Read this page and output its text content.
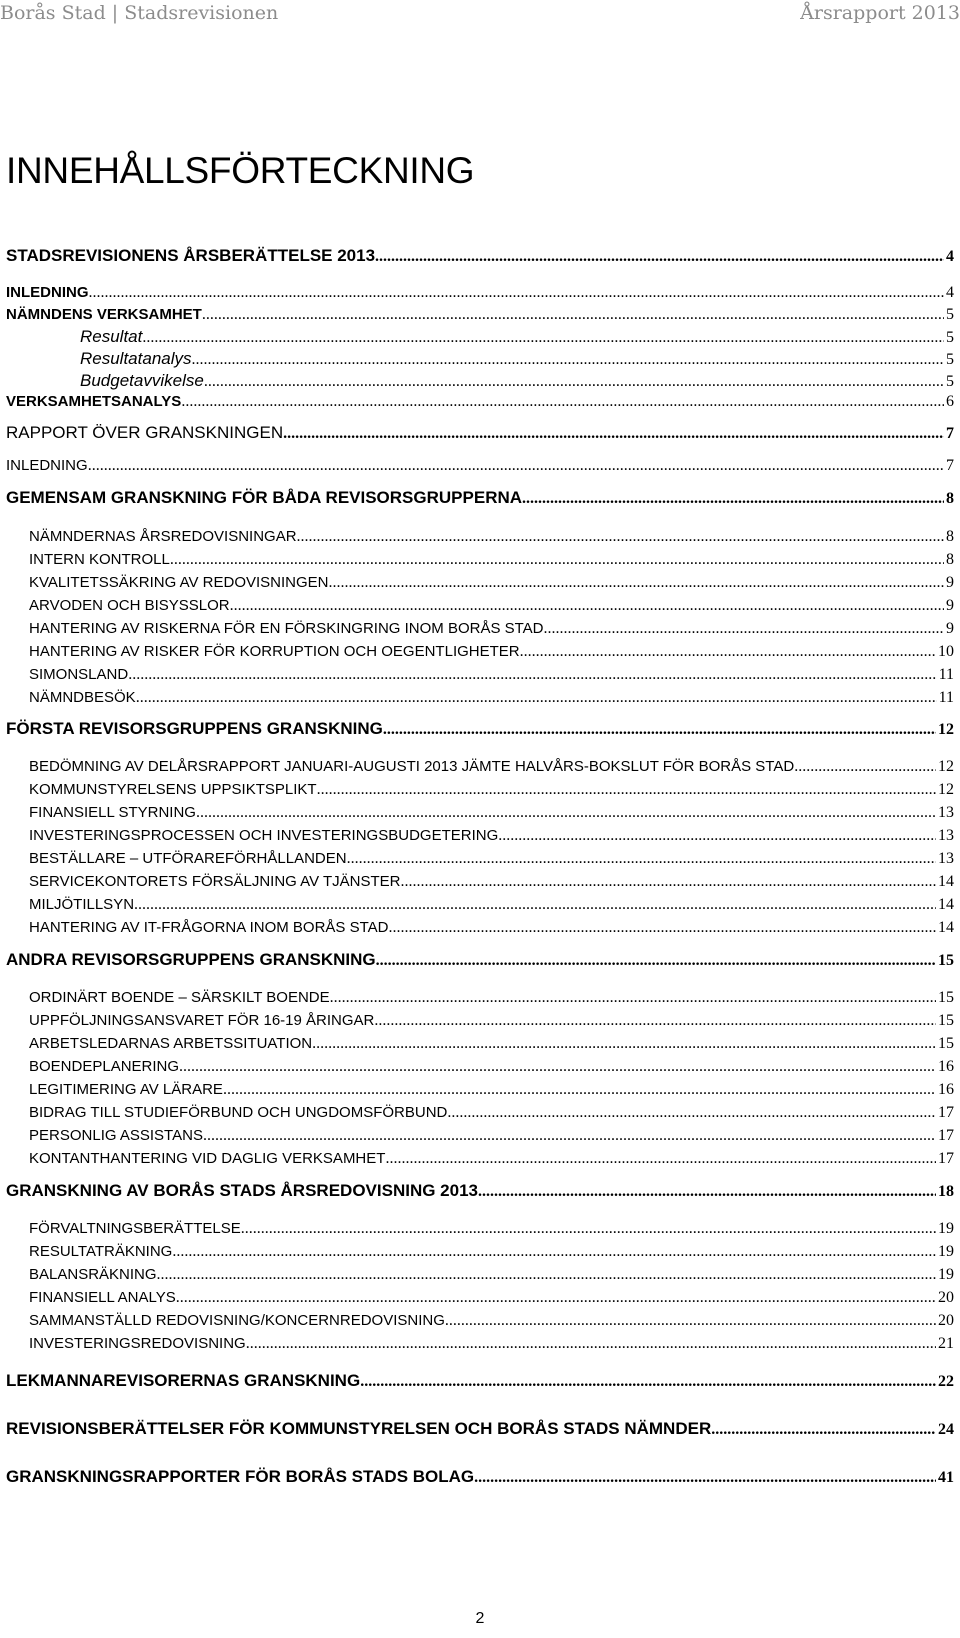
Borås Stad | Stadsrevisionen	Årsrapport 2013
INNEHÅLLSFÖRTECKNING
STADSREVISIONENS ÅRSBERÄTTELSE 2013 .....	4
INLEDNING .....	4
NÄMNDENS VERKSAMHET .....	5
Resultat .....	5
Resultatanalys .....	5
Budgetavvikelse .....	5
VERKSAMHETSANALYS .....	6
RAPPORT ÖVER GRANSKNINGEN .....	7
INLEDNING .....	7
GEMENSAM GRANSKNING FÖR BÅDA REVISORSGRUPPERNA .....	8
NÄMNDERNAS ÅRSREDOVISNINGAR .....	8
INTERN KONTROLL .....	8
KVALITETSSÄKRING AV REDOVISNINGEN .....	9
ARVODEN OCH BISYSSLOR .....	9
HANTERING AV RISKERNA FÖR EN FÖRSKINGRING INOM BORÅS STAD .....	9
HANTERING AV RISKER FÖR KORRUPTION OCH OEGENTLIGHETER .....	10
SIMONSLAND .....	11
NÄMNDBESÖK .....	11
FÖRSTA REVISORSGRUPPENS GRANSKNING .....	12
BEDÖMNING AV DELÅRSRAPPORT JANUARI-AUGUSTI 2013 JÄMTE HALVÅRS-BOKSLUT FÖR BORÅS STAD .....	12
KOMMUNSTYRELSENS UPPSIKTSPLIKT .....	12
FINANSIELL STYRNING .....	13
INVESTERINGSPROCESSEN OCH INVESTERINGSBUDGETERING .....	13
BESTÄLLARE – UTFÖRAREFÖRHÅLLANDEN .....	13
SERVICEKONTORETS FÖRSÄLJNING AV TJÄNSTER .....	14
MILJÖTILLSYN .....	14
HANTERING AV IT-FRÅGORNA INOM BORÅS STAD .....	14
ANDRA REVISORSGRUPPENS GRANSKNING .....	15
ORDINÄRT BOENDE – SÄRSKILT BOENDE .....	15
UPPFÖLJNINGSANSVARET FÖR 16-19 ÅRINGAR .....	15
ARBETSLEDARNAS ARBETSSITUATION .....	15
BOENDEPLANERING .....	16
LEGITIMERING AV LÄRARE .....	16
BIDRAG TILL STUDIEFÖRBUND OCH UNGDOMSFÖRBUND .....	17
PERSONLIG ASSISTANS .....	17
KONTANTHANTERING VID DAGLIG VERKSAMHET .....	17
GRANSKNING AV BORÅS STADS ÅRSREDOVISNING 2013 .....	18
FÖRVALTNINGSBERÄTTELSE .....	19
RESULTATRÄKNING .....	19
BALANSRÄKNING .....	19
FINANSIELL ANALYS .....	20
SAMMANSTÄLLD REDOVISNING/KONCERNREDOVISNING .....	20
INVESTERINGSREDOVISNING .....	21
LEKMANNAREVISORERNAS GRANSKNING .....	22
REVISIONSBERÄTTELSER FÖR KOMMUNSTYRELSEN OCH BORÅS STADS NÄMNDER .....	24
GRANSKNINGSRAPPORTER FÖR BORÅS STADS BOLAG .....	41
2
